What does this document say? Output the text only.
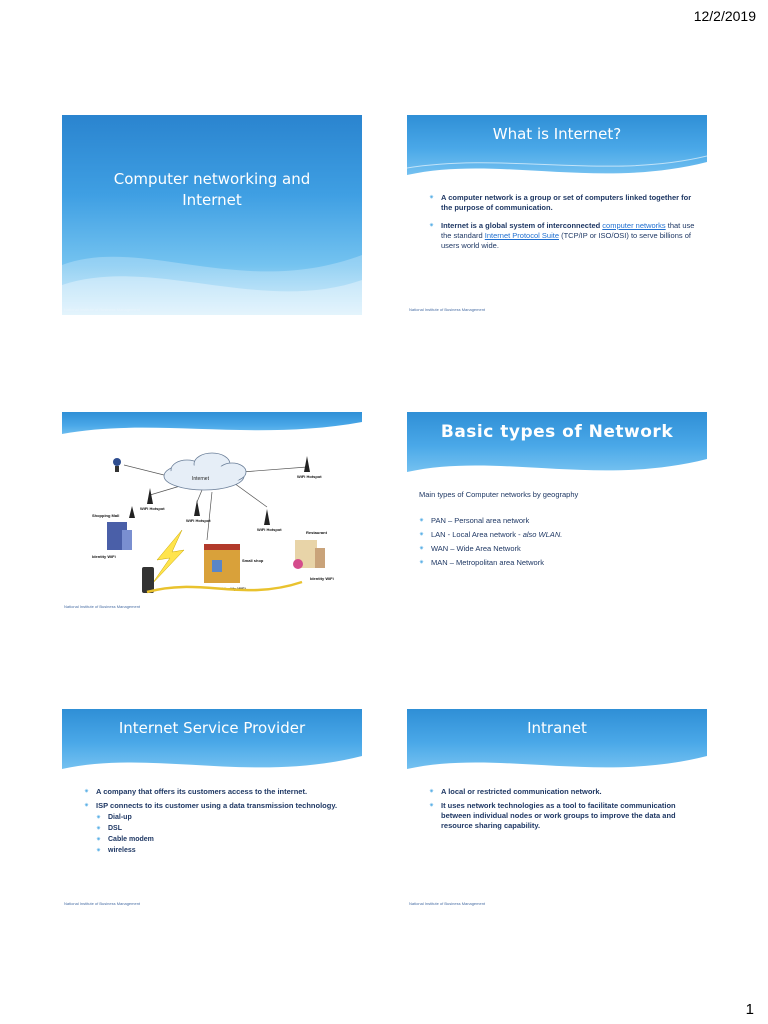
12/2/2019
Computer networking and
Internet
National Institute of Business Management
What is Internet?
✷ A computer network is a group or set of computers linked together for the purpose of communication.
✷ Internet is a global system of interconnected computer networks that use the standard Internet Protocol Suite (TCP/IP or ISO/OSI) to serve billions of users world wide.
National Institute of Business Management
Internet	WiFi Hotspot
WiFi Hotspot
WiFi Hotspot
WiFi Hotspot
Shopping Mall
Restaurant
Small shop
Identity WiFi
Identity WiFi
Identity WiFi
National Institute of Business Management
Basic types of Network
Main types of Computer networks by geography
✷ PAN – Personal area network
✷ LAN - Local Area network - also WLAN.
✷ WAN – Wide Area Network
✷ MAN – Metropolitan area Network
Internet Service Provider
✷ A company that offers its customers access to the internet.
✷ ISP connects to its customer using a data transmission technology.
✷ Dial-up
✷ DSL
✷ Cable modem
✷ wireless
National Institute of Business Management
Intranet
✷ A local or restricted communication network.
✷ It uses network technologies as a tool to facilitate communication between individual nodes or work groups to improve the data and resource sharing capability.
National Institute of Business Management
1
